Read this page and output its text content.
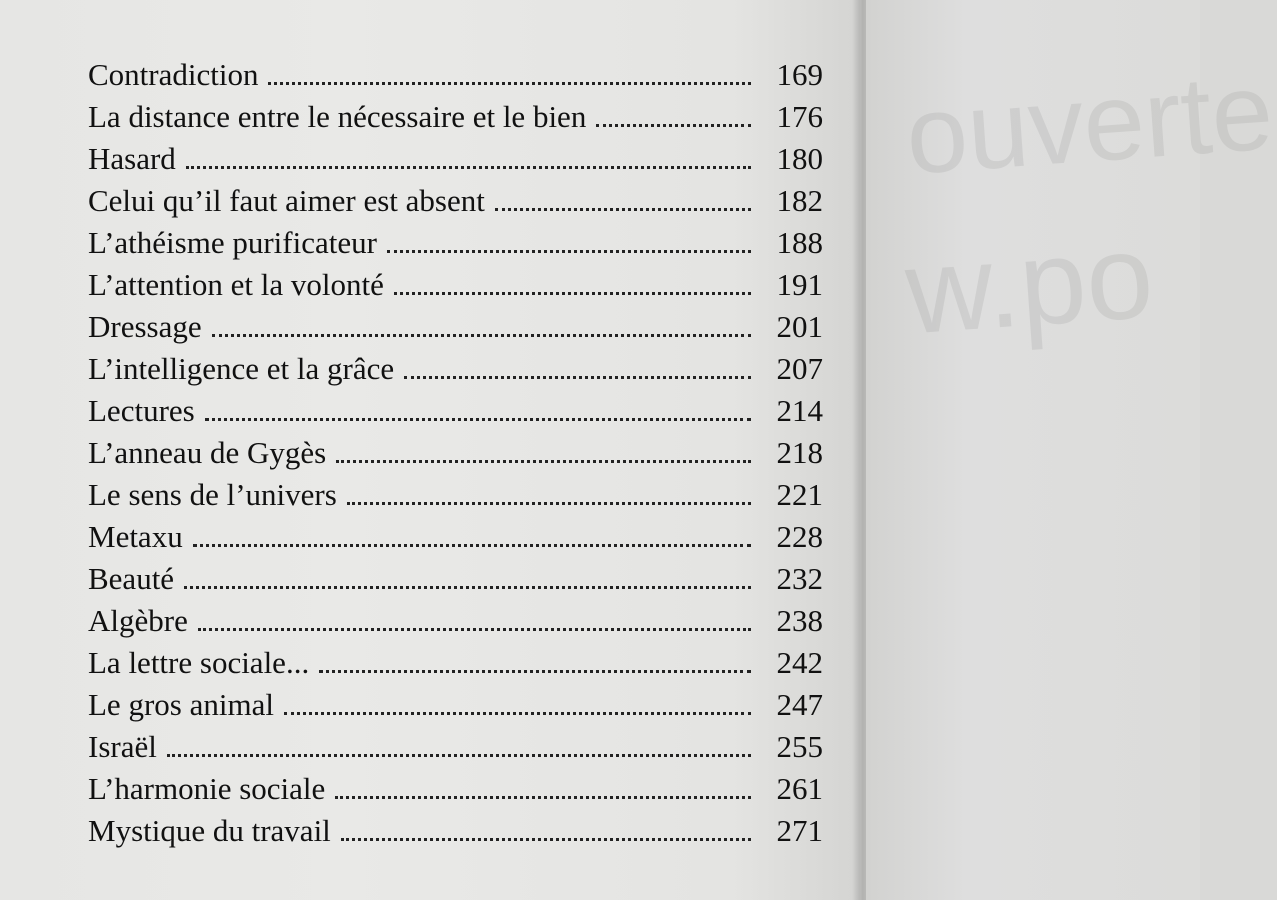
Contradiction	169
La distance entre le nécessaire et le bien	176
Hasard	180
Celui qu’il faut aimer est absent	182
L’athéisme purificateur	188
L’attention et la volonté	191
Dressage	201
L’intelligence et la grâce	207
Lectures	214
L’anneau de Gygès	218
Le sens de l’univers	221
Metaxu	228
Beauté	232
Algèbre	238
La lettre sociale...	242
Le gros animal	247
Israël	255
L’harmonie sociale	261
Mystique du travail	271
ouverte
w.po
